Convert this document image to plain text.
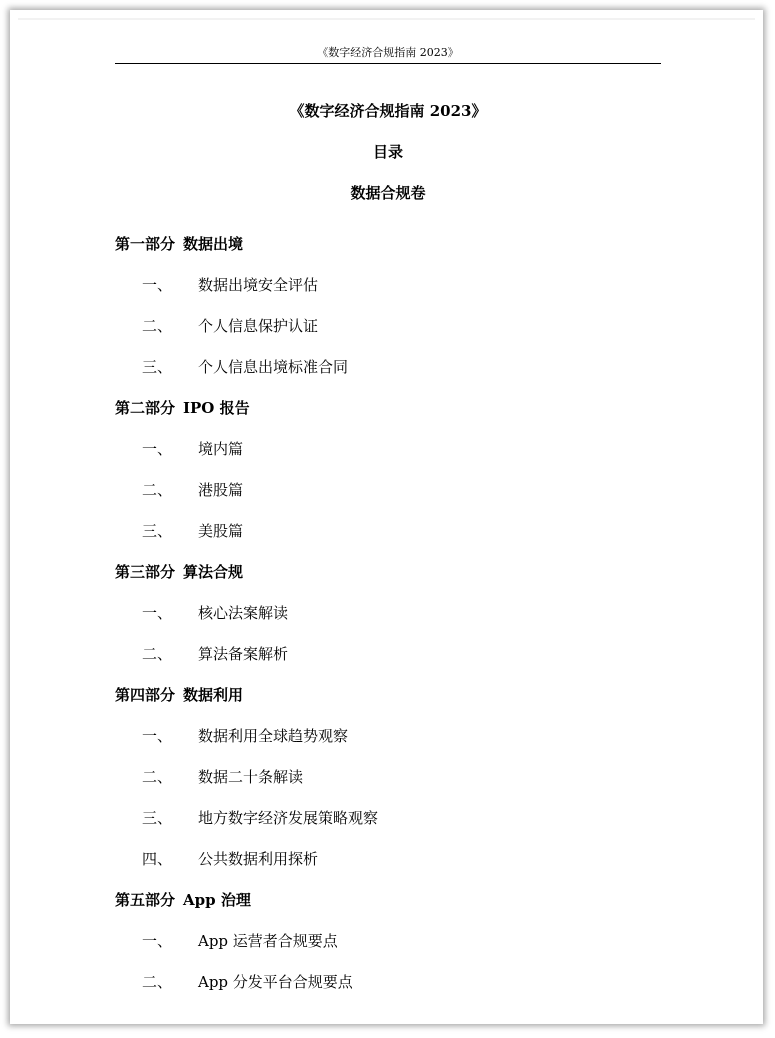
《数字经济合规指南 2023》
《数字经济合规指南 2023》
目录
数据合规卷
第一部分 数据出境
一、 数据出境安全评估
二、 个人信息保护认证
三、 个人信息出境标准合同
第二部分 IPO 报告
一、 境内篇
二、 港股篇
三、 美股篇
第三部分 算法合规
一、 核心法案解读
二、 算法备案解析
第四部分 数据利用
一、 数据利用全球趋势观察
二、 数据二十条解读
三、 地方数字经济发展策略观察
四、 公共数据利用探析
第五部分 App 治理
一、 App 运营者合规要点
二、 App 分发平台合规要点
